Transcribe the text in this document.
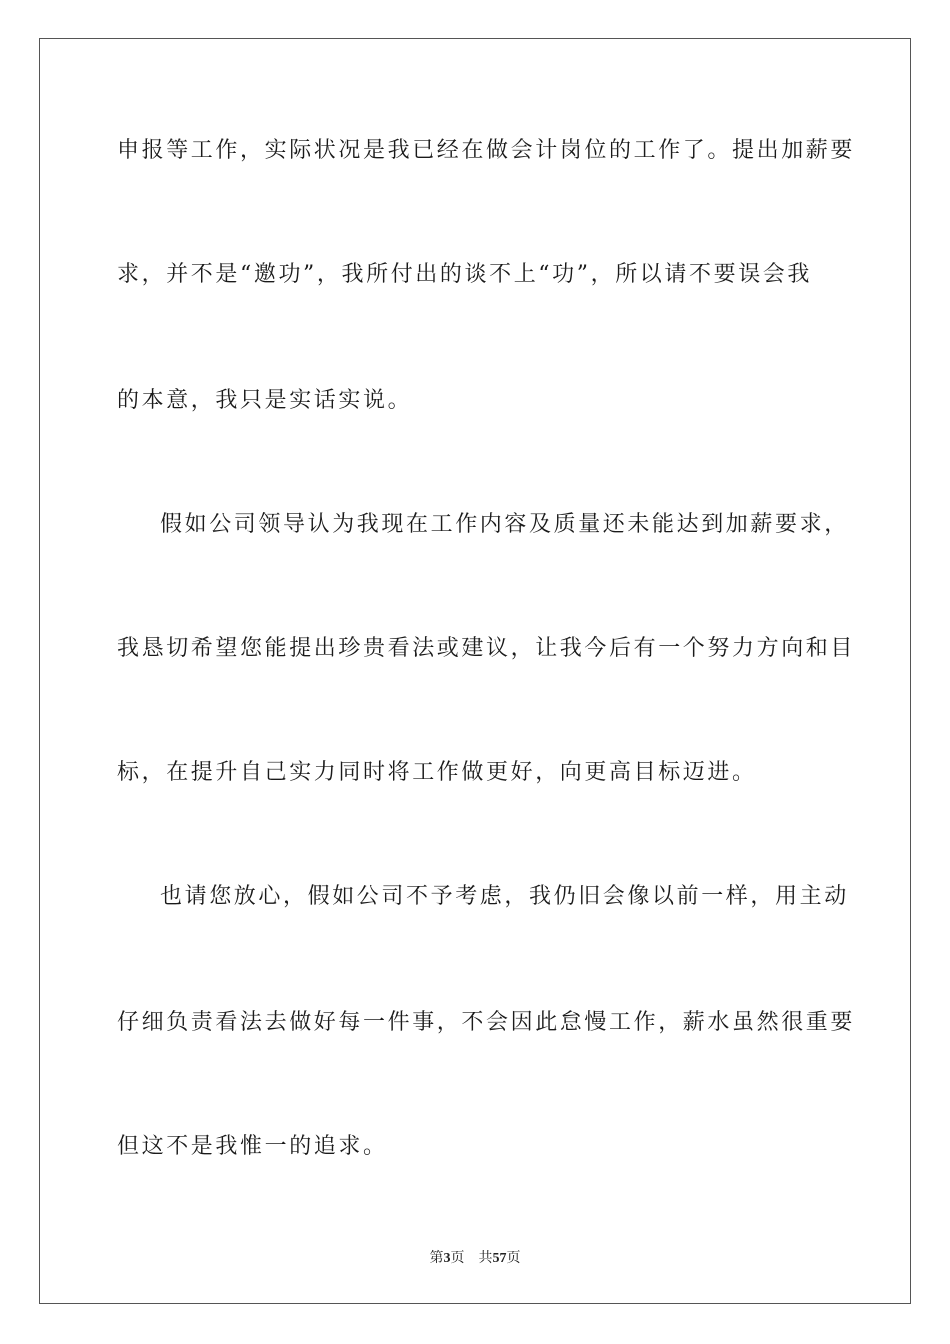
申报等工作，实际状况是我已经在做会计岗位的工作了。提出加薪要
求，并不是“邀功”，我所付出的谈不上“功”，所以请不要误会我
的本意，我只是实话实说。
假如公司领导认为我现在工作内容及质量还未能达到加薪要求，
我恳切希望您能提出珍贵看法或建议，让我今后有一个努力方向和目
标，在提升自己实力同时将工作做更好，向更高目标迈进。
也请您放心，假如公司不予考虑，我仍旧会像以前一样，用主动
仔细负责看法去做好每一件事，不会因此怠慢工作，薪水虽然很重要
但这不是我惟一的追求。
第3页 共57页
